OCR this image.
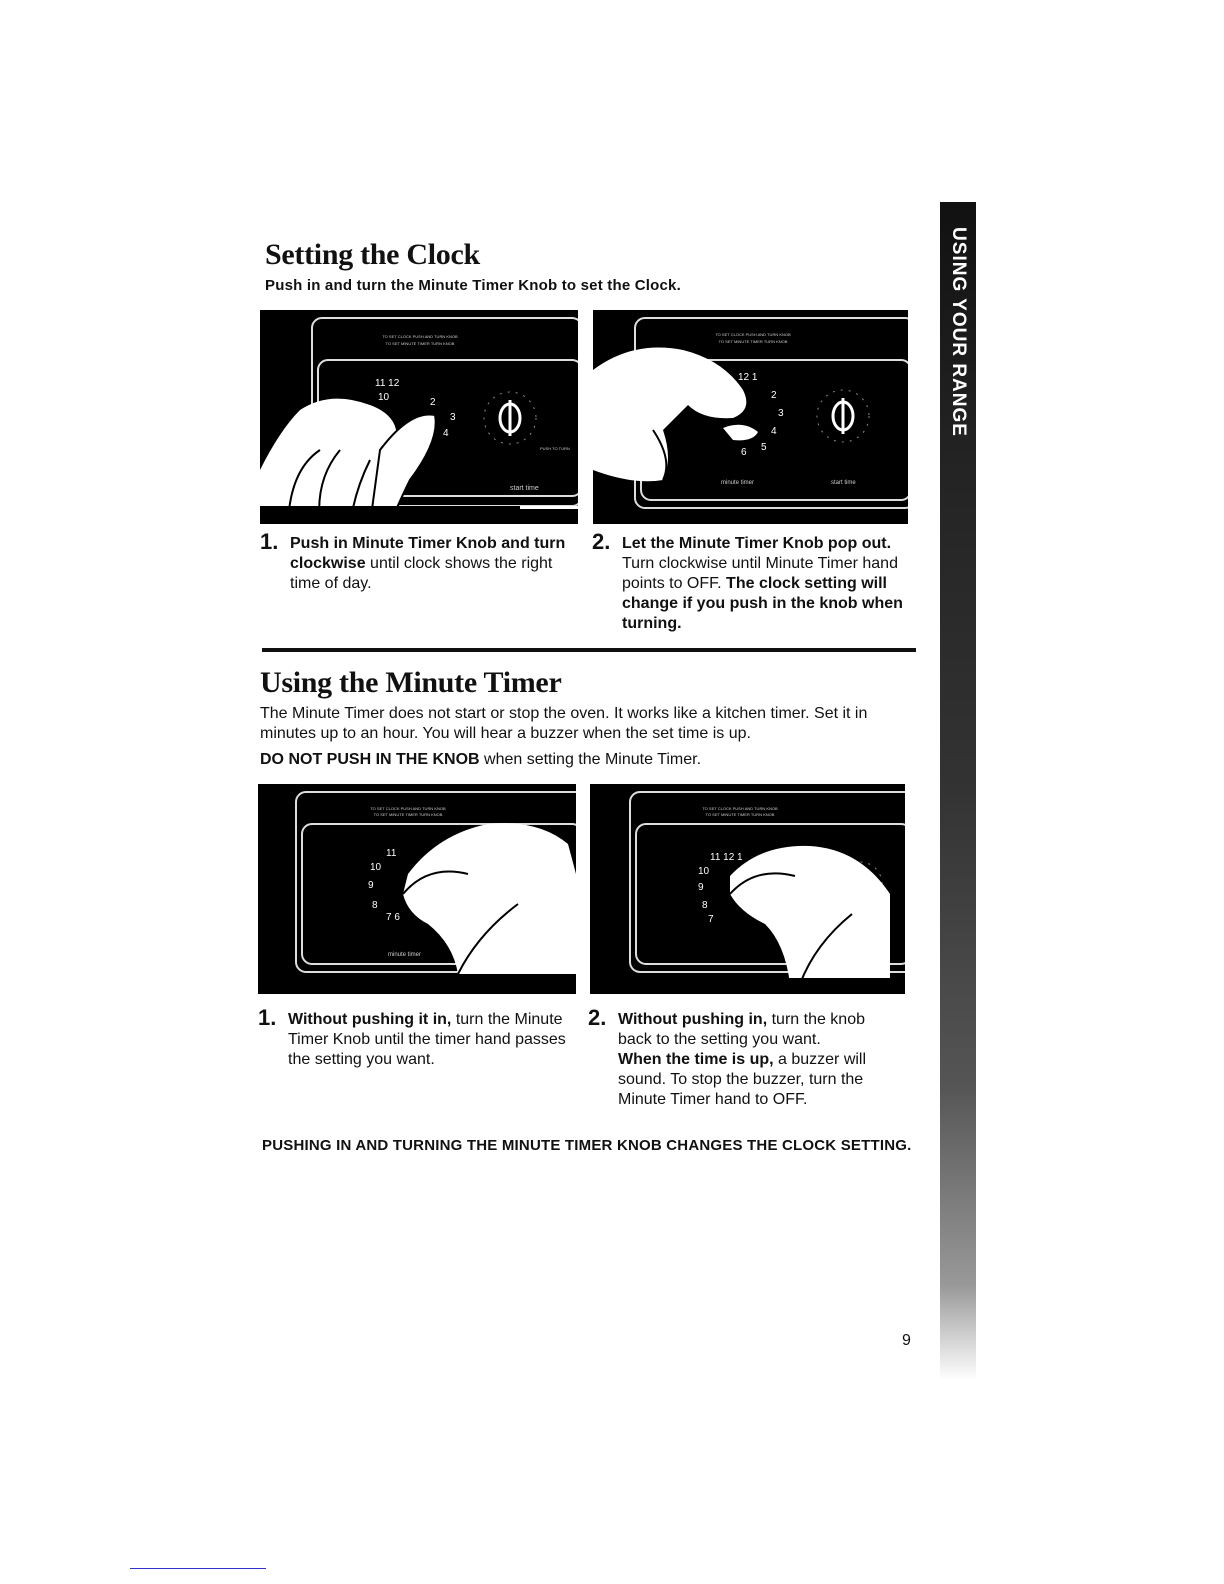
Setting the Clock
Push in and turn the Minute Timer Knob to set the Clock.
TO SET CLOCK PUSH AND TURN KNOB
TO SET MINUTE TIMER TURN KNOB
11 12
10	2
3
4
PUSH TO TURN
start time
TO SET CLOCK PUSH AND TURN KNOB
TO SET MINUTE TIMER TURN KNOB
12 1
2
3
4
5
6
minute timer	start time
1. Push in Minute Timer Knob and turn clockwise until clock shows the right time of day.
2. Let the Minute Timer Knob pop out. Turn clockwise until Minute Timer hand points to OFF. The clock setting will change if you push in the knob when turning.
Using the Minute Timer
The Minute Timer does not start or stop the oven. It works like a kitchen timer. Set it in minutes up to an hour. You will hear a buzzer when the set time is up.
DO NOT PUSH IN THE KNOB when setting the Minute Timer.
TO SET CLOCK PUSH AND TURN KNOB
TO SET MINUTE TIMER TURN KNOB
11
10
9
8
7 6
minute timer
TO SET CLOCK PUSH AND TURN KNOB
TO SET MINUTE TIMER TURN KNOB
11 12 1
10
9
8
7
1. Without pushing it in, turn the Minute Timer Knob until the timer hand passes the setting you want.
2. Without pushing in, turn the knob back to the setting you want.
When the time is up, a buzzer will sound. To stop the buzzer, turn the Minute Timer hand to OFF.
PUSHING IN AND TURNING THE MINUTE TIMER KNOB CHANGES THE CLOCK SETTING.
USING YOUR RANGE
9
